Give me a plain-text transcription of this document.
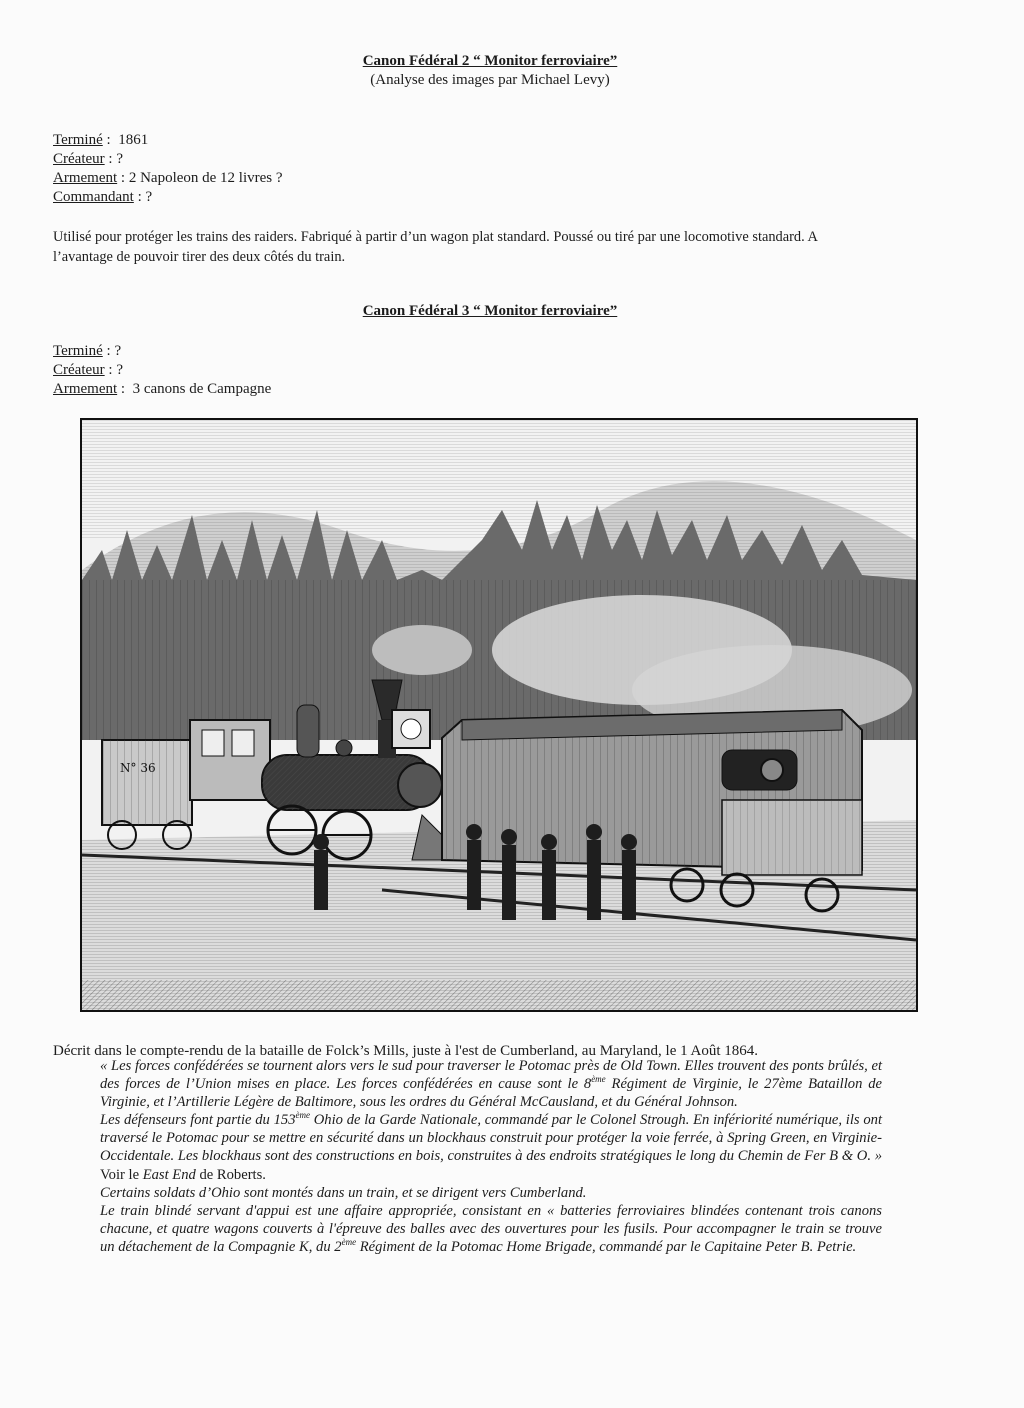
Canon Fédéral 2 “ Monitor ferroviaire”
(Analyse des images par Michael Levy)
Terminé :  1861
Créateur : ?
Armement : 2 Napoleon de 12 livres ?
Commandant : ?
Utilisé pour protéger les trains des raiders. Fabriqué à partir d’un wagon plat standard. Poussé ou tiré par une locomotive standard. A
l’avantage de pouvoir tirer des deux côtés du train.
Canon Fédéral 3 “ Monitor ferroviaire”
Terminé : ?
Créateur : ?
Armement :  3 canons de Campagne
N° 36
Décrit dans le compte-rendu de la bataille de Folck’s Mills, juste à l'est de Cumberland, au Maryland, le 1 Août 1864.

« Les forces confédérées se tournent alors vers le sud pour traverser le Potomac près de Old Town. Elles trouvent des ponts brûlés, et des forces de l’Union mises en place. Les forces confédérées en cause sont le 8ème Régiment de Virginie, le 27ème Bataillon de Virginie, et l’Artillerie Légère de Baltimore, sous les ordres du Général McCausland, et du Général Johnson.

Les défenseurs font partie du 153ème Ohio de la Garde Nationale, commandé par le Colonel Strough. En infériorité numérique, ils ont traversé le Potomac pour se mettre en sécurité dans un blockhaus construit pour protéger la voie ferrée, à Spring Green, en Virginie-Occidentale. Les blockhaus sont des constructions en bois, construites à des endroits stratégiques le long du Chemin de Fer B & O. » Voir le East End de Roberts.

Certains soldats d’Ohio sont montés dans un train, et se dirigent vers Cumberland.

Le train blindé servant d'appui est une affaire appropriée, consistant en « batteries ferroviaires blindées contenant trois canons chacune, et quatre wagons couverts à l'épreuve des balles avec des ouvertures pour les fusils. Pour accompagner le train se trouve un détachement de la Compagnie K, du 2ème Régiment de la Potomac Home Brigade, commandé par le Capitaine Peter B. Petrie.
